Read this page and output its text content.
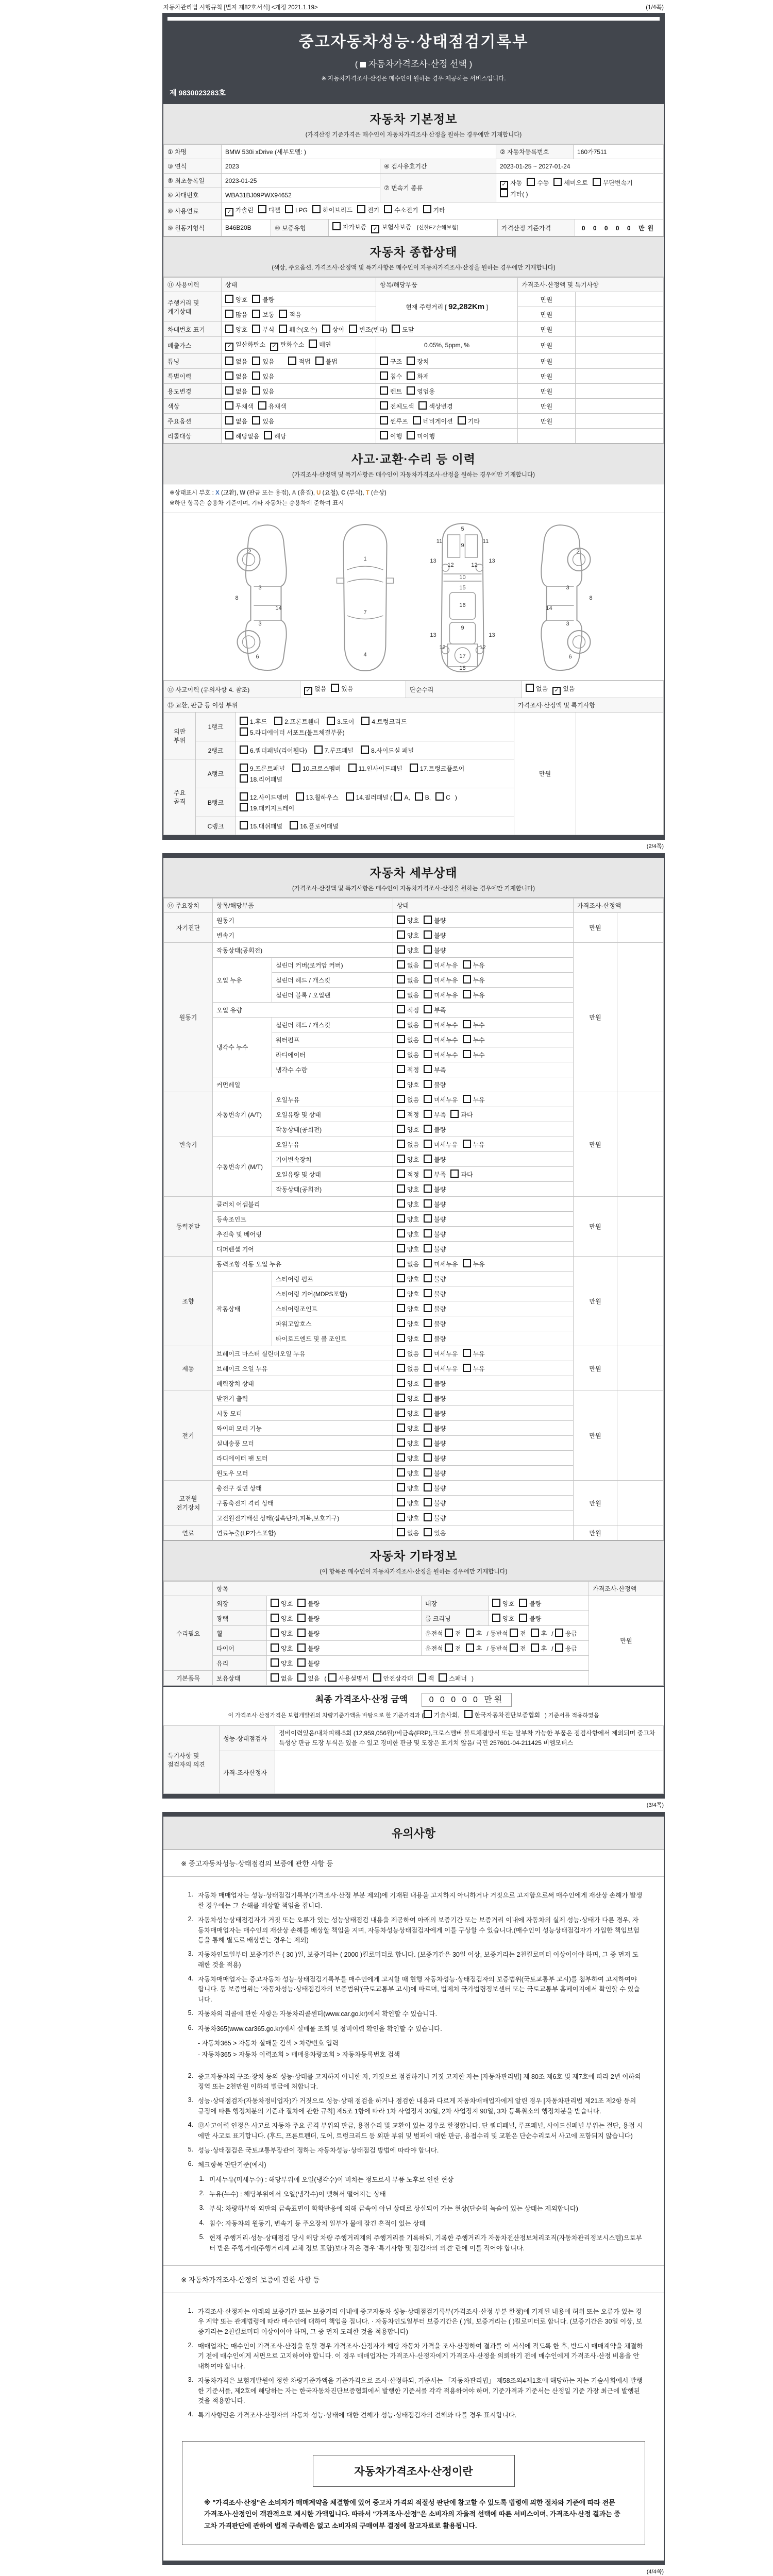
자동차관리법 시행규칙 [별지 제82호서식] <개정 2021.1.19>	(1/4쪽)
중고자동차성능·상태점검기록부
(  자동차가격조사·산정 선택 )
※ 자동차가격조사·산정은 매수인이 원하는 경우 제공하는 서비스입니다.
제 9830023283호
자동차 기본정보
(가격산정 기준가격은 매수인이 자동차가격조사·산정을 원하는 경우에만 기재합니다)
① 차명	BMW 530i xDrive (세부모델: )		② 자동차등록번호	160가7511
③ 연식	2023	④ 검사유효기간	2023-01-25 ~ 2027-01-24	
⑤ 최초등록일	2023-01-25	⑦ 변속기 종류	✓자동 수동 세미오토 무단변속기기타( )
⑥ 차대번호	WBA31BJ09PWX94652			
⑧ 사용연료	✓가솔린 디젤 LPG 하이브리드 전기 수소전기 기타
⑨ 원동기형식	B46B20B	⑩ 보증유형	자가보증 ✓ 보험사보증 [신한EZ손해보험]	가격산정 기준가격	0 0 0 0 0 만원
자동차 종합상태
(색상, 주요옵션, 가격조사·산정액 및 특기사항은 매수인이 자동차가격조사·산정을 원하는 경우에만 기재합니다)
⑪ 사용이력	상태	항목/해당부품	가격조사·산정액 및 특기사항	
주행거리 및 계기상태	양호 불량	현재 주행거리 [ 92,282Km ]	만원	
	많음 보통 적음		만원	
차대번호 표기	양호 부식 훼손(오손) 상이 변조(변타) 도말		만원	
배출가스	✓일산화탄소 ✓ 탄화수소 매연	0.05%, 5ppm, %	만원	
튜닝	없음 있음 적법 불법	구조 장치	만원	
특별이력	없음 있음	침수 화재	만원	
용도변경	없음 있음	렌트 영업용	만원	
색상	무채색 유채색	전체도색 색상변경	만원	
주요옵션	없음 있음	썬루프 네비게이션 기타	만원	
리콜대상	해당없음 해당	이행 미이행		
사고·교환·수리 등 이력
(가격조사·산정액 및 특기사항은 매수인이 자동차가격조사·산정을 원하는 경우에만 기재합니다)
※상태표시 부호 : X (교환), W (판금 또는 용접), A (흠집), U (요철), C (부식), T (손상)
※하단 항목은 승용차 기준이며, 기타 자동차는 승용차에 준하여 표시
2
8
3
14
3
6
1
7
4
5
9
11	11
13	13
12	12
10
15
16
9
13	13
12	12
17
18
2
3
8
14
3
6
⑫ 사고이력 (유의사항 4. 참조)	✓없음 있음	단순수리	없음 ✓ 있음
⑬ 교환, 판금 등 이상 부위			가격조사·산정액 및 특기사항	
외판 부위	1랭크	1.후드 2.프론트휀더 3.도어 4.트렁크리드
5.라디에이터 서포트(볼트체결부품)	만원	
	2랭크	6.쿼더패널(리어휀다) 7.루프패널 8.사이드실 패널		

주요 골격	A랭크	9.프론트패널 10.크로스멤버 11.인사이드패널 17.트렁크플로어
18.리어패널		

	B랭크	12.사이드멤버 13.휠하우스 14.필러패널 ( A, B, C )
19.패키지트레이		

	C랭크	15.대쉬패널 16.플로어패널		
(2/4쪽)
자동차 세부상태
(가격조사·산정액 및 특기사항은 매수인이 자동차가격조사·산정을 원하는 경우에만 기재합니다)
⑭ 주요장치	항목/해당부품		상태	가격조사·산정액	
자기진단	원동기		양호 불량	만원	
	변속기		양호 불량		
원동기	작동상태(공회전)		양호 불량	만원	
	오일 누유	실린더 커버(로커암 커버)	없음 미세누유 누유		
		실린더 헤드 / 개스킷	없음 미세누유 누유		
		실린더 블록 / 오일팬	없음 미세누유 누유		
	오일 유량		적정 부족		
	냉각수 누수	실린더 헤드 / 개스킷	없음 미세누수 누수		
		워터펌프	없음 미세누수 누수		
		라디에이터	없음 미세누수 누수		
		냉각수 수량	적정 부족		
	커먼레일		양호 불량		
변속기	자동변속기 (A/T)	오일누유	없음 미세누유 누유	만원	
		오일유량 및 상태	적정 부족 과다		
		작동상태(공회전)	양호 불량		
	수동변속기 (M/T)	오일누유	없음 미세누유 누유		
		기어변속장치	양호 불량		
		오일유량 및 상태	적정 부족 과다		
		작동상태(공회전)	양호 불량		
동력전달	클러치 어셈블리		양호 불량	만원	
	등속조인트		양호 불량		
	추진축 및 베어링		양호 불량		
	디퍼렌셜 기어		양호 불량		
조향	동력조향 작동 오일 누유		없음 미세누유 누유	만원	
	작동상태	스티어링 펌프	양호 불량		
		스티어링 기어(MDPS포함)	양호 불량		
		스티어링조인트	양호 불량		
		파워고압호스	양호 불량		
		타이로드엔드 및 볼 조인트	양호 불량		
제동	브레이크 마스터 실린더오일 누유		없음 미세누유 누유	만원	
	브레이크 오일 누유		없음 미세누유 누유		
	배력장치 상태		양호 불량		
전기	발전기 출력		양호 불량	만원	
	시동 모터		양호 불량		
	와이퍼 모터 기능		양호 불량		
	실내송풍 모터		양호 불량		
	라디에이터 팬 모터		양호 불량		
	윈도우 모터		양호 불량		
고전원 전기장치	충전구 절연 상태		양호 불량	만원	
	구동축전지 격리 상태		양호 불량		
	고전원전기배선 상태(접속단자,피복,보호기구)		양호 불량		
연료	연료누출(LP가스포함)		없음 있음	만원	
자동차 기타정보
(이 항목은 매수인이 자동차가격조사·산정을 원하는 경우에만 기재합니다)
	항목				가격조사·산정액
수리필요	외장	양호 불량	내장	양호 불량	만원
	광택	양호 불량	룸 크리닝	양호 불량	
	휠	양호 불량	운전석 전 후 / 동반석 전 후 / 응급		
	타이어	양호 불량	운전석 전 후 / 동반석 전 후 / 응급		
	유리	양호 불량			
기본품목	보유상태	없음 있음 ( 사용설명서 안전삼각대 잭 스패너 )			
최종 가격조사·산정 금액	0 0 0 0 0 만원
이 가격조사·산정가격은 보험개발원의 차량기준가액을 바탕으로 한 기준가격과 ( 기술사회, 한국자동차진단보증협회 ) 기준서를 적용하였음
특기사항 및 점검자의 의견	성능·상태점검자	정비이력있음/내차피해-5회 (12,959,056원)/비금속(FRP),크로스멤버 볼트체결방식 또는 탈부착 가능한 부품은 점검사항에서 제외되며 중고차 특성상 판금 도장 부식은 있을 수 있고 경미한 판금 및 도장은 표기치 않음/ 국민 257601-04-211425 비엠모터스
	가격·조사산정자	
(3/4쪽)
유의사항
※ 중고자동차성능·상태점검의 보증에 관한 사항 등
1. 자동차 매매업자는 성능·상태점검기록부(가격조사·산정 부분 제외)에 기재된 내용을 고지하지 아니하거나 거짓으로 고지함으로써 매수인에게 재산상 손해가 발생한 경우에는 그 손해를 배상할 책임을 집니다.
2. 자동차성능상태점검자가 거짓 또는 오류가 있는 성능상태점검 내용을 제공하여 아래의 보증기간 또는 보증거리 이내에 자동차의 실제 성능·상태가 다른 경우, 자동차매매업자는 매수인의 재산상 손해를 배상할 책임을 지며, 자동차성능상태점검자에게 이를 구상할 수 있습니다.(매수인이 성능상태점검자가 가입한 책임보험 등을 통해 별도로 배상받는 경우는 제외)
3. 자동차인도일부터 보증기간은 ( 30 )일, 보증거리는 ( 2000 )킬로미터로 합니다. (보증기간은 30일 이상, 보증거리는 2천킬로미터 이상이어야 하며, 그 중 먼저 도래한 것을 적용)
4. 자동차매매업자는 중고자동차 성능·상태점검기록부를 매수인에게 고지할 때 현행 자동차성능·상태점검자의 보증범위(국토교통부 고시)를 첨부하여 고지하여야 합니다. 동 보증범위는 '자동차성능·상태점검자의 보증범위'(국토교통부 고시)에 따르며, 법제처 국가법령정보센터 또는 국토교통부 홈페이지에서 확인할 수 있습니다.
5. 자동차의 리콜에 관한 사항은 자동차리콜센터(www.car.go.kr)에서 확인할 수 있습니다.
6. 자동차365(www.car365.go.kr)에서 실매물 조회 및 정비이력 확인을 확인할 수 있습니다.
- 자동차365 > 자동차 실매물 검색 > 차량번호 입력
- 자동차365 > 자동차 이력조회 > 매매용차량조회 > 자동차등록번호 검색
2. 중고자동차의 구조·장치 등의 성능·상태를 고지하지 아니한 자, 거짓으로 점검하거나 거짓 고지한 자는 [자동차관리법] 제 80조 제6호 및 제7호에 따라 2년 이하의 징역 또는 2천만원 이하의 벌금에 처합니다.
3. 성능·상태점검자(자동차정비업자)가 거짓으로 성능·상태 점검을 하거나 점검한 내용과 다르게 자동차매매업자에게 알린 경우 [자동차관리법 제21조 제2항 등의 규정에 따른 행정처분의 기준과 절차에 관한 규칙] 제5조 1항에 따라 1차 사업정지 30일, 2차 사업정지 90일, 3차 등록취소의 행정처분을 받습니다.
4. ⑫사고이력 인정은 사고로 자동차 주요 골격 부위의 판금, 용접수리 및 교환이 있는 경우로 한정합니다. 단 쿼더패널, 루프패널, 사이드실패널 부위는 절단, 용접 시에만 사고로 표기합니다. (후드, 프론트펜더, 도어, 트렁크리드 등 외판 부위 및 범퍼에 대한 판금, 용접수리 및 교환은 단순수리로서 사고에 포함되지 않습니다)
5. 성능·상태점검은 국토교통부장관이 정하는 자동차성능·상태점검 방법에 따라야 합니다.
6. 체크항목 판단기준(예시)
1. 미세누유(미세누수) : 해당부위에 오일(냉각수)이 비치는 정도로서 부품 노후로 인한 현상
2. 누유(누수) : 해당부위에서 오일(냉각수)이 맺혀서 떨어지는 상태
3. 부식: 차량하부와 외판의 금속표면이 화학반응에 의해 금속이 아닌 상태로 상실되어 가는 현상(단순히 녹슬어 있는 상태는 제외합니다)
4. 침수: 자동차의 원동기, 변속기 등 주요장치 일부가 물에 잠긴 흔적이 있는 상태
5. 현재 주행거리·성능·상태점검 당시 해당 차량 주행거리계의 주행거리를 기록하되, 기록한 주행거리가 자동차전산정보처리조직(자동차관리정보시스템)으로부터 받은 주행거리(주행거리계 교체 정보 포함)보다 적은 경우 '특기사항 및 점검자의 의견' 란에 이를 적어야 합니다.
※ 자동차가격조사·산정의 보증에 관한 사항 등
1. 가격조사·산정자는 아래의 보증기간 또는 보증거리 이내에 중고자동차 성능·상태점검기록부(가격조사·산정 부분 한정)에 기재된 내용에 허위 또는 오류가 있는 경우 계약 또는 관계법령에 따라 매수인에 대하여 책임을 집니다. · 자동차인도일부터 보증기간은 ( )일, 보증거리는 ( )킬로미터로 합니다. (보증기간은 30일 이상, 보증거리는 2천킬로미터 이상이어야 하며, 그 중 먼저 도래한 것을 적용합니다)
2. 매매업자는 매수인이 가격조사·산정을 원할 경우 가격조사·산정자가 해당 자동차 가격을 조사·산정하여 결과를 이 서식에 적도록 한 후, 반드시 매매계약을 체결하기 전에 매수인에게 서면으로 고지하여야 합니다. 이 경우 매매업자는 가격조사·산정자에게 가격조사·산정을 의뢰하기 전에 매수인에게 가격조사·산정 비용을 안내하여야 합니다.
3. 자동차가격은 보험개발원이 정한 차량기준가액을 기준가격으로 조사·산정하되, 기준서는 「자동차관리법」 제58조의4제1호에 해당하는 자는 기술사회에서 발행한 기준서를, 제2호에 해당하는 자는 한국자동차진단보증협회에서 발행한 기준서를 각각 적용하여야 하며, 기준가격과 기준서는 산정일 기준 가장 최근에 발행된 것을 적용합니다.
4. 특기사항란은 가격조사·산정자의 자동차 성능·상태에 대한 견해가 성능·상태점검자의 견해와 다를 경우 표시합니다.
자동차가격조사·산정이란
※ "가격조사·산정"은 소비자가 매매계약을 체결함에 있어 중고차 가격의 적절성 판단에 참고할 수 있도록 법령에 의한 절차와 기준에 따라 전문 가격조사·산정인이 객관적으로 제시한 가액입니다. 따라서 "가격조사·산정"은 소비자의 자율적 선택에 따른 서비스이며, 가격조사·산정 결과는 중고차 가격판단에 관하여 법적 구속력은 없고 소비자의 구매여부 결정에 참고자료로 활용됩니다.
(4/4쪽)
